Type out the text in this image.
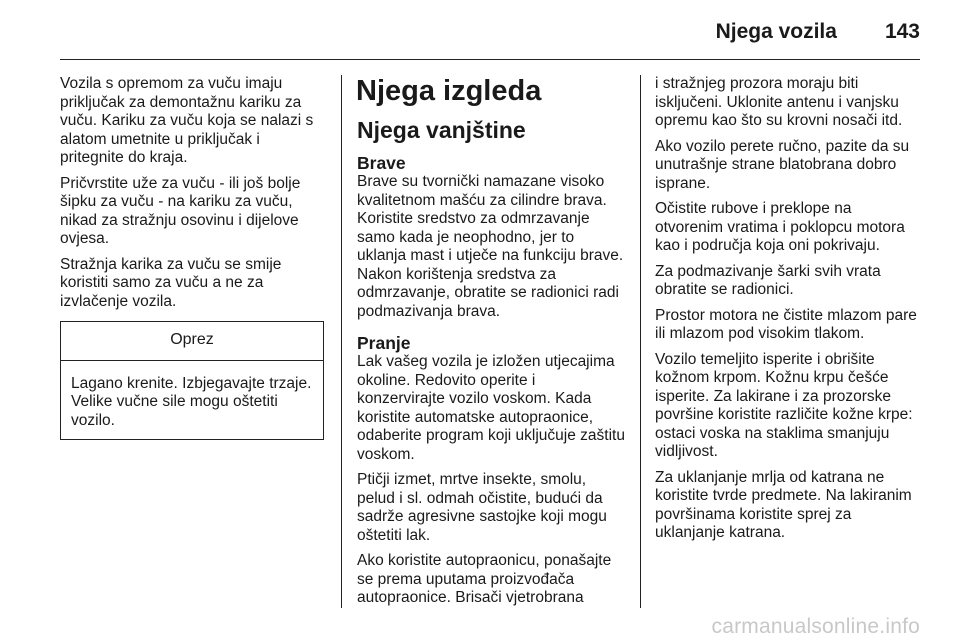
Njega vozila 143

Vozila s opremom za vuču imaju priključak za demontažnu kariku za vuču. Kariku za vuču koja se nalazi s alatom umetnite u priključak i pritegnite do kraja.

Pričvrstite uže za vuču - ili još bolje šipku za vuču - na kariku za vuču, nikad za stražnju osovinu i dijelove ovjesa.

Stražnja karika za vuču se smije koristiti samo za vuču a ne za izvlačenje vozila.

Oprez
Lagano krenite. Izbjegavajte trzaje. Velike vučne sile mogu oštetiti vozilo.
Njega izgleda
Njega vanjštine
Brave

Brave su tvornički namazane visoko kvalitetnom mašću za cilindre brava. Koristite sredstvo za odmrzavanje samo kada je neophodno, jer to uklanja mast i utječe na funkciju brave. Nakon korištenja sredstva za odmrzavanje, obratite se radionici radi podmazivanja brava.

Pranje

Lak vašeg vozila je izložen utjecajima okoline. Redovito operite i konzervirajte vozilo voskom. Kada koristite automatske autopraonice, odaberite program koji uključuje zaštitu voskom.

Ptičji izmet, mrtve insekte, smolu, pelud i sl. odmah očistite, budući da sadrže agresivne sastojke koji mogu oštetiti lak.

Ako koristite autopraonicu, ponašajte se prema uputama proizvođača autopraonice. Brisači vjetrobrana

i stražnjeg prozora moraju biti isključeni. Uklonite antenu i vanjsku opremu kao što su krovni nosači itd.

Ako vozilo perete ručno, pazite da su unutrašnje strane blatobrana dobro isprane.

Očistite rubove i preklope na otvorenim vratima i poklopcu motora kao i područja koja oni pokrivaju.

Za podmazivanje šarki svih vrata obratite se radionici.

Prostor motora ne čistite mlazom pare ili mlazom pod visokim tlakom.

Vozilo temeljito isperite i obrišite kožnom krpom. Kožnu krpu češće isperite. Za lakirane i za prozorske površine koristite različite kožne krpe: ostaci voska na staklima smanjuju vidljivost.

Za uklanjanje mrlja od katrana ne koristite tvrde predmete. Na lakiranim površinama koristite sprej za uklanjanje katrana.

carmanualsonline.info
